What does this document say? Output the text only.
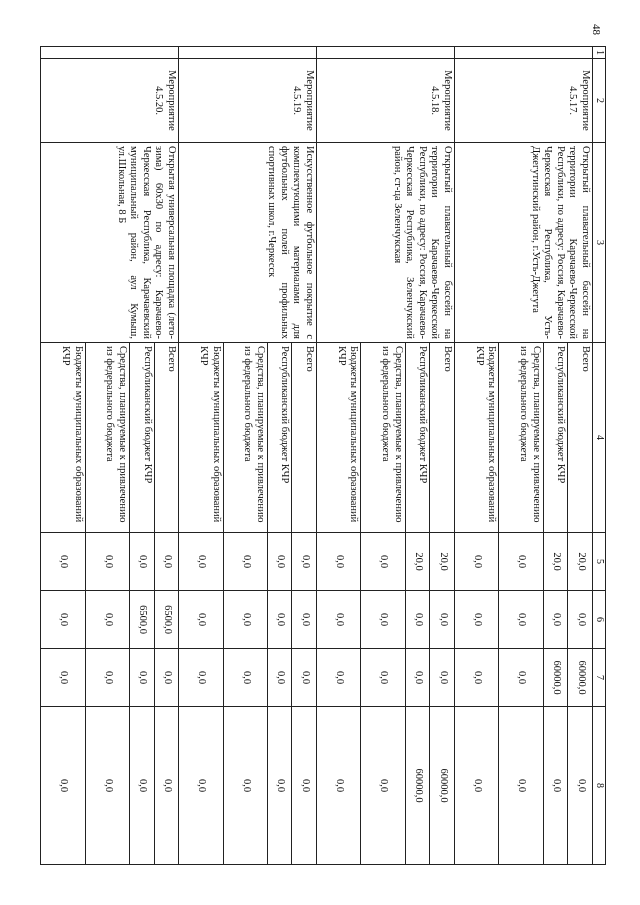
48
1	2	3	4	5	6	7	8
	Мероприятие 4.5.17.	Открытый плавательный бассейн на территории Карачаево-Черкесской Республики, по адресу: Россия, Карачаево-Черкесская Республика, Усть-Джегутинский район, г.Усть-Джегута	Всего	20,0	0,0	60000,0	0,0
			Республиканский бюджет КЧР	20,0	0,0	60000,0	0,0
			Средства, планируемые к привлечению из федерального бюджета	0,0	0,0	0,0	0,0
			Бюджеты муниципальных образований КЧР	0,0	0,0	0,0	0,0
	Мероприятие 4.5.18.	Открытый плавательный бассейн на территории Карачаево-Черкесской Республики, по адресу: Россия, Карачаево-Черкесская Республика, Зеленчукский район, ст-ца Зеленчукская	Всего	20,0	0,0	0,0	60000,0
			Республиканский бюджет КЧР	20,0	0,0	0,0	60000,0
			Средства, планируемые к привлечению из федерального бюджета	0,0	0,0	0,0	0,0
			Бюджеты муниципальных образований КЧР	0,0	0,0	0,0	0,0
	Мероприятие 4.5.19.	Искусственное футбольное покрытие с комплектующими материалами для футбольных полей профильных спортивных школ, г.Черкесск	Всего	0,0	0,0	0,0	0,0
			Республиканский бюджет КЧР	0,0	0,0	0,0	0,0
			Средства, планируемые к привлечению из федерального бюджета	0,0	0,0	0,0	0,0
			Бюджеты муниципальных образований КЧР	0,0	0,0	0,0	0,0
	Мероприятие 4.5.20.	Открытая универсальная площадка (лето-зима) 60х30 по адресу: Карачаево-Черкесская Республика, Карачаевский муниципальный район, аул Кумыш, ул.Школьная, 8 Б	Всего	0,0	6500,0	0,0	0,0
			Республиканский бюджет КЧР	0,0	6500,0	0,0	0,0
			Средства, планируемые к привлечению из федерального бюджета	0,0	0,0	0,0	0,0
			Бюджеты муниципальных образований КЧР	0,0	0,0	0,0	0,0
